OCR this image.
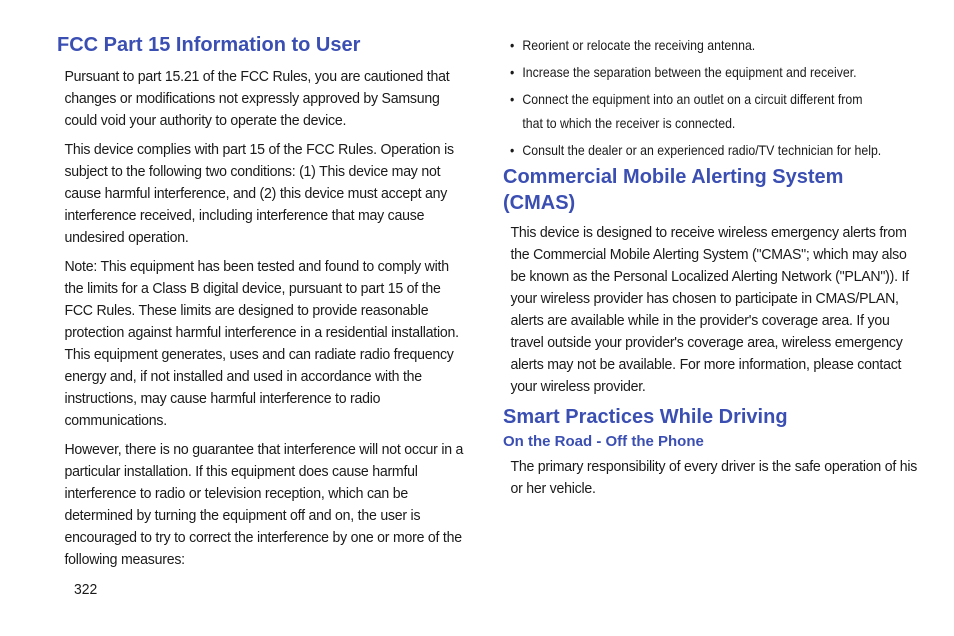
FCC Part 15 Information to User

Pursuant to part 15.21 of the FCC Rules, you are cautioned that changes or modifications not expressly approved by Samsung could void your authority to operate the device.

This device complies with part 15 of the FCC Rules. Operation is subject to the following two conditions: (1) This device may not cause harmful interference, and (2) this device must accept any interference received, including interference that may cause undesired operation.

Note: This equipment has been tested and found to comply with the limits for a Class B digital device, pursuant to part 15 of the FCC Rules. These limits are designed to provide reasonable protection against harmful interference in a residential installation. This equipment generates, uses and can radiate radio frequency energy and, if not installed and used in accordance with the instructions, may cause harmful interference to radio communications.

However, there is no guarantee that interference will not occur in a particular installation. If this equipment does cause harmful interference to radio or television reception, which can be determined by turning the equipment off and on, the user is encouraged to try to correct the interference by one or more of the following measures:

• Reorient or relocate the receiving antenna.
• Increase the separation between the equipment and receiver.
• Connect the equipment into an outlet on a circuit different from that to which the receiver is connected.
• Consult the dealer or an experienced radio/TV technician for help.
Commercial Mobile Alerting System (CMAS)

This device is designed to receive wireless emergency alerts from the Commercial Mobile Alerting System ("CMAS"; which may also be known as the Personal Localized Alerting Network ("PLAN")). If your wireless provider has chosen to participate in CMAS/PLAN, alerts are available while in the provider's coverage area. If you travel outside your provider's coverage area, wireless emergency alerts may not be available. For more information, please contact your wireless provider.

Smart Practices While Driving
On the Road - Off the Phone

The primary responsibility of every driver is the safe operation of his or her vehicle.

322
